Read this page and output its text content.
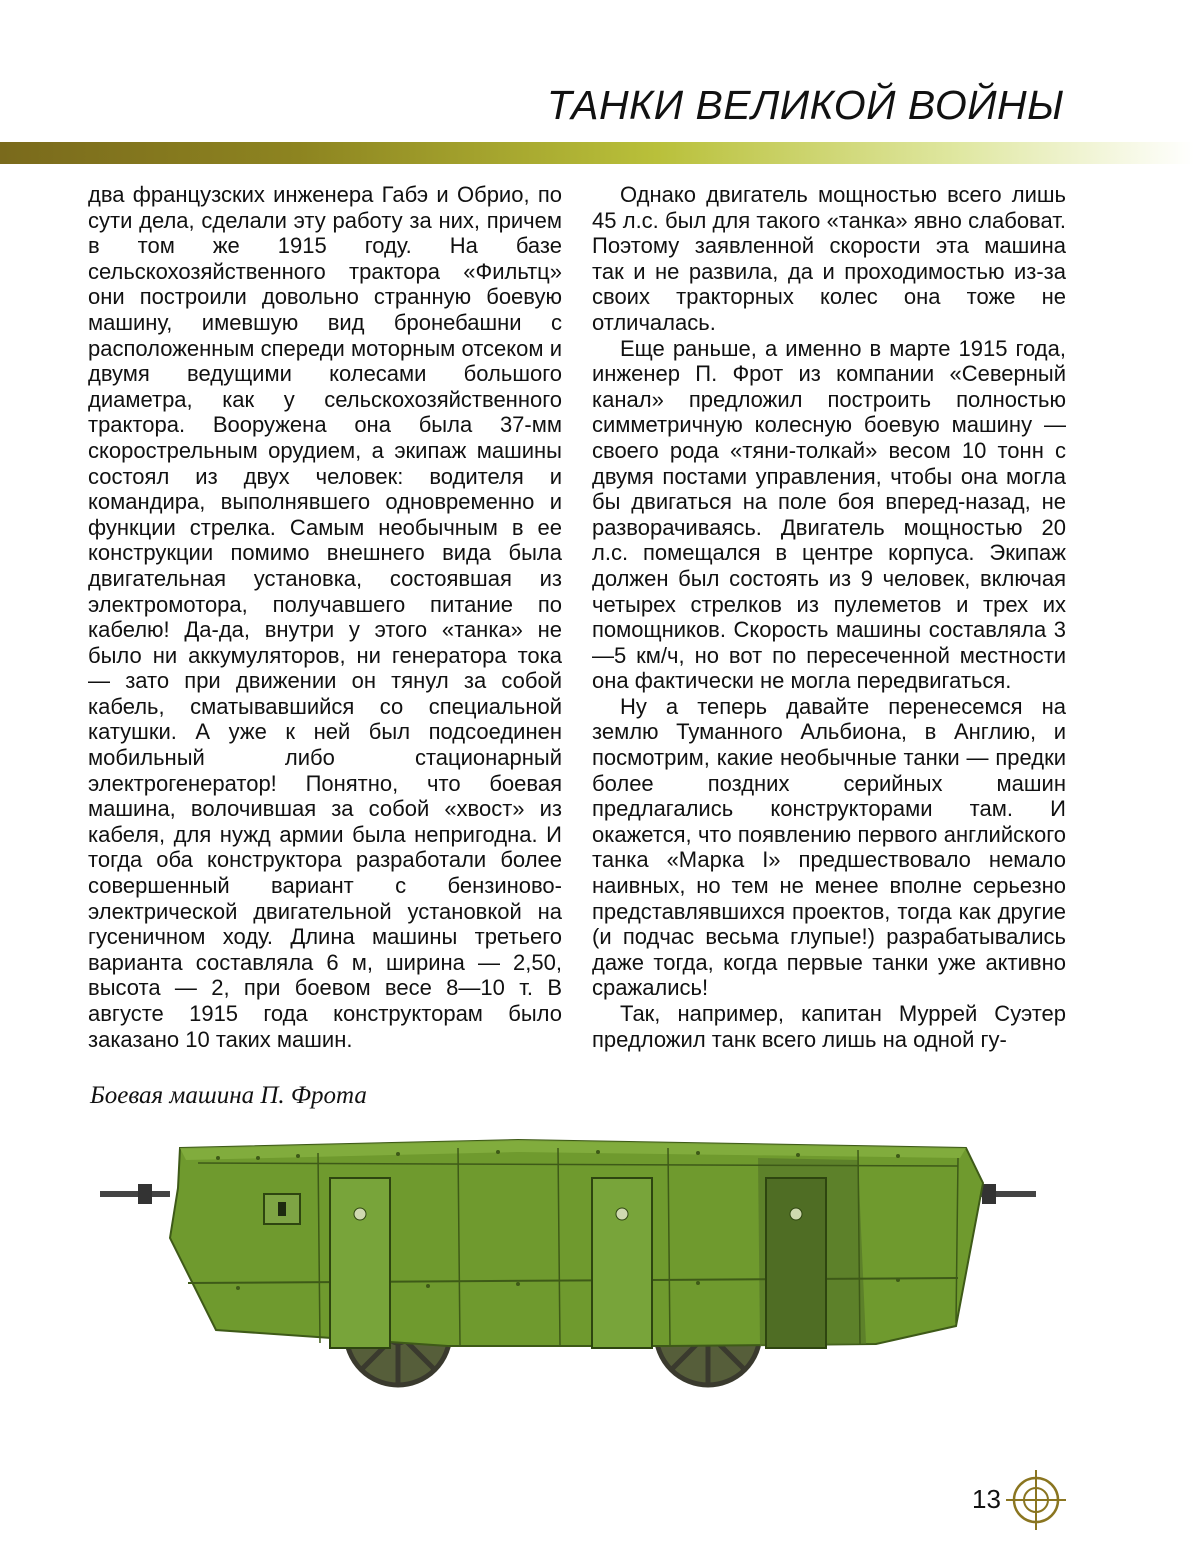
ТАНКИ ВЕЛИКОЙ ВОЙНЫ

два французских инженера Габэ и Обрио, по сути дела, сделали эту работу за них, причем в том же 1915 году. На базе сельскохозяйственного трактора «Фильтц» они построили довольно странную боевую машину, имевшую вид бронебашни с расположенным спереди моторным отсеком и двумя ведущими колесами большого диаметра, как у сельскохозяйственного трактора. Вооружена она была 37-мм скорострельным орудием, а экипаж машины состоял из двух человек: водителя и командира, выполнявшего одновременно и функции стрелка. Самым необычным в ее конструкции помимо внешнего вида была двигательная установка, состоявшая из электромотора, получавшего питание по кабелю! Да-да, внутри у этого «танка» не было ни аккумуляторов, ни генератора тока — зато при движении он тянул за собой кабель, сматывавшийся со специальной катушки. А уже к ней был подсоединен мобильный либо стационарный электрогенератор! Понятно, что боевая машина, волочившая за собой «хвост» из кабеля, для нужд армии была непригодна. И тогда оба конструктора разработали более совершенный вариант с бензиново-электрической двигательной установкой на гусеничном ходу. Длина машины третьего варианта составляла 6 м, ширина — 2,50, высота — 2, при боевом весе 8—10 т. В августе 1915 года конструкторам было заказано 10 таких машин.

Однако двигатель мощностью всего лишь 45 л.с. был для такого «танка» явно слабоват. Поэтому заявленной скорости эта машина так и не развила, да и проходимостью из-за своих тракторных колес она тоже не отличалась.

Еще раньше, а именно в марте 1915 года, инженер П. Фрот из компании «Северный канал» предложил построить полностью симметричную колесную боевую машину — своего рода «тяни-толкай» весом 10 тонн с двумя постами управления, чтобы она могла бы двигаться на поле боя вперед-назад, не разворачиваясь. Двигатель мощностью 20 л.с. помещался в центре корпуса. Экипаж должен был состоять из 9 человек, включая четырех стрелков из пулеметов и трех их помощников. Скорость машины составляла 3—5 км/ч, но вот по пересеченной местности она фактически не могла передвигаться.

Ну а теперь давайте перенесемся на землю Туманного Альбиона, в Англию, и посмотрим, какие необычные танки — предки более поздних серийных машин предлагались конструкторами там. И окажется, что появлению первого английского танка «Марка I» предшествовало немало наивных, но тем не менее вполне серьезно представлявшихся проектов, тогда как другие (и подчас весьма глупые!) разрабатывались даже тогда, когда первые танки уже активно сражались!

Так, например, капитан Муррей Суэтер предложил танк всего лишь на одной гу-

Боевая машина П. Фрота
13
